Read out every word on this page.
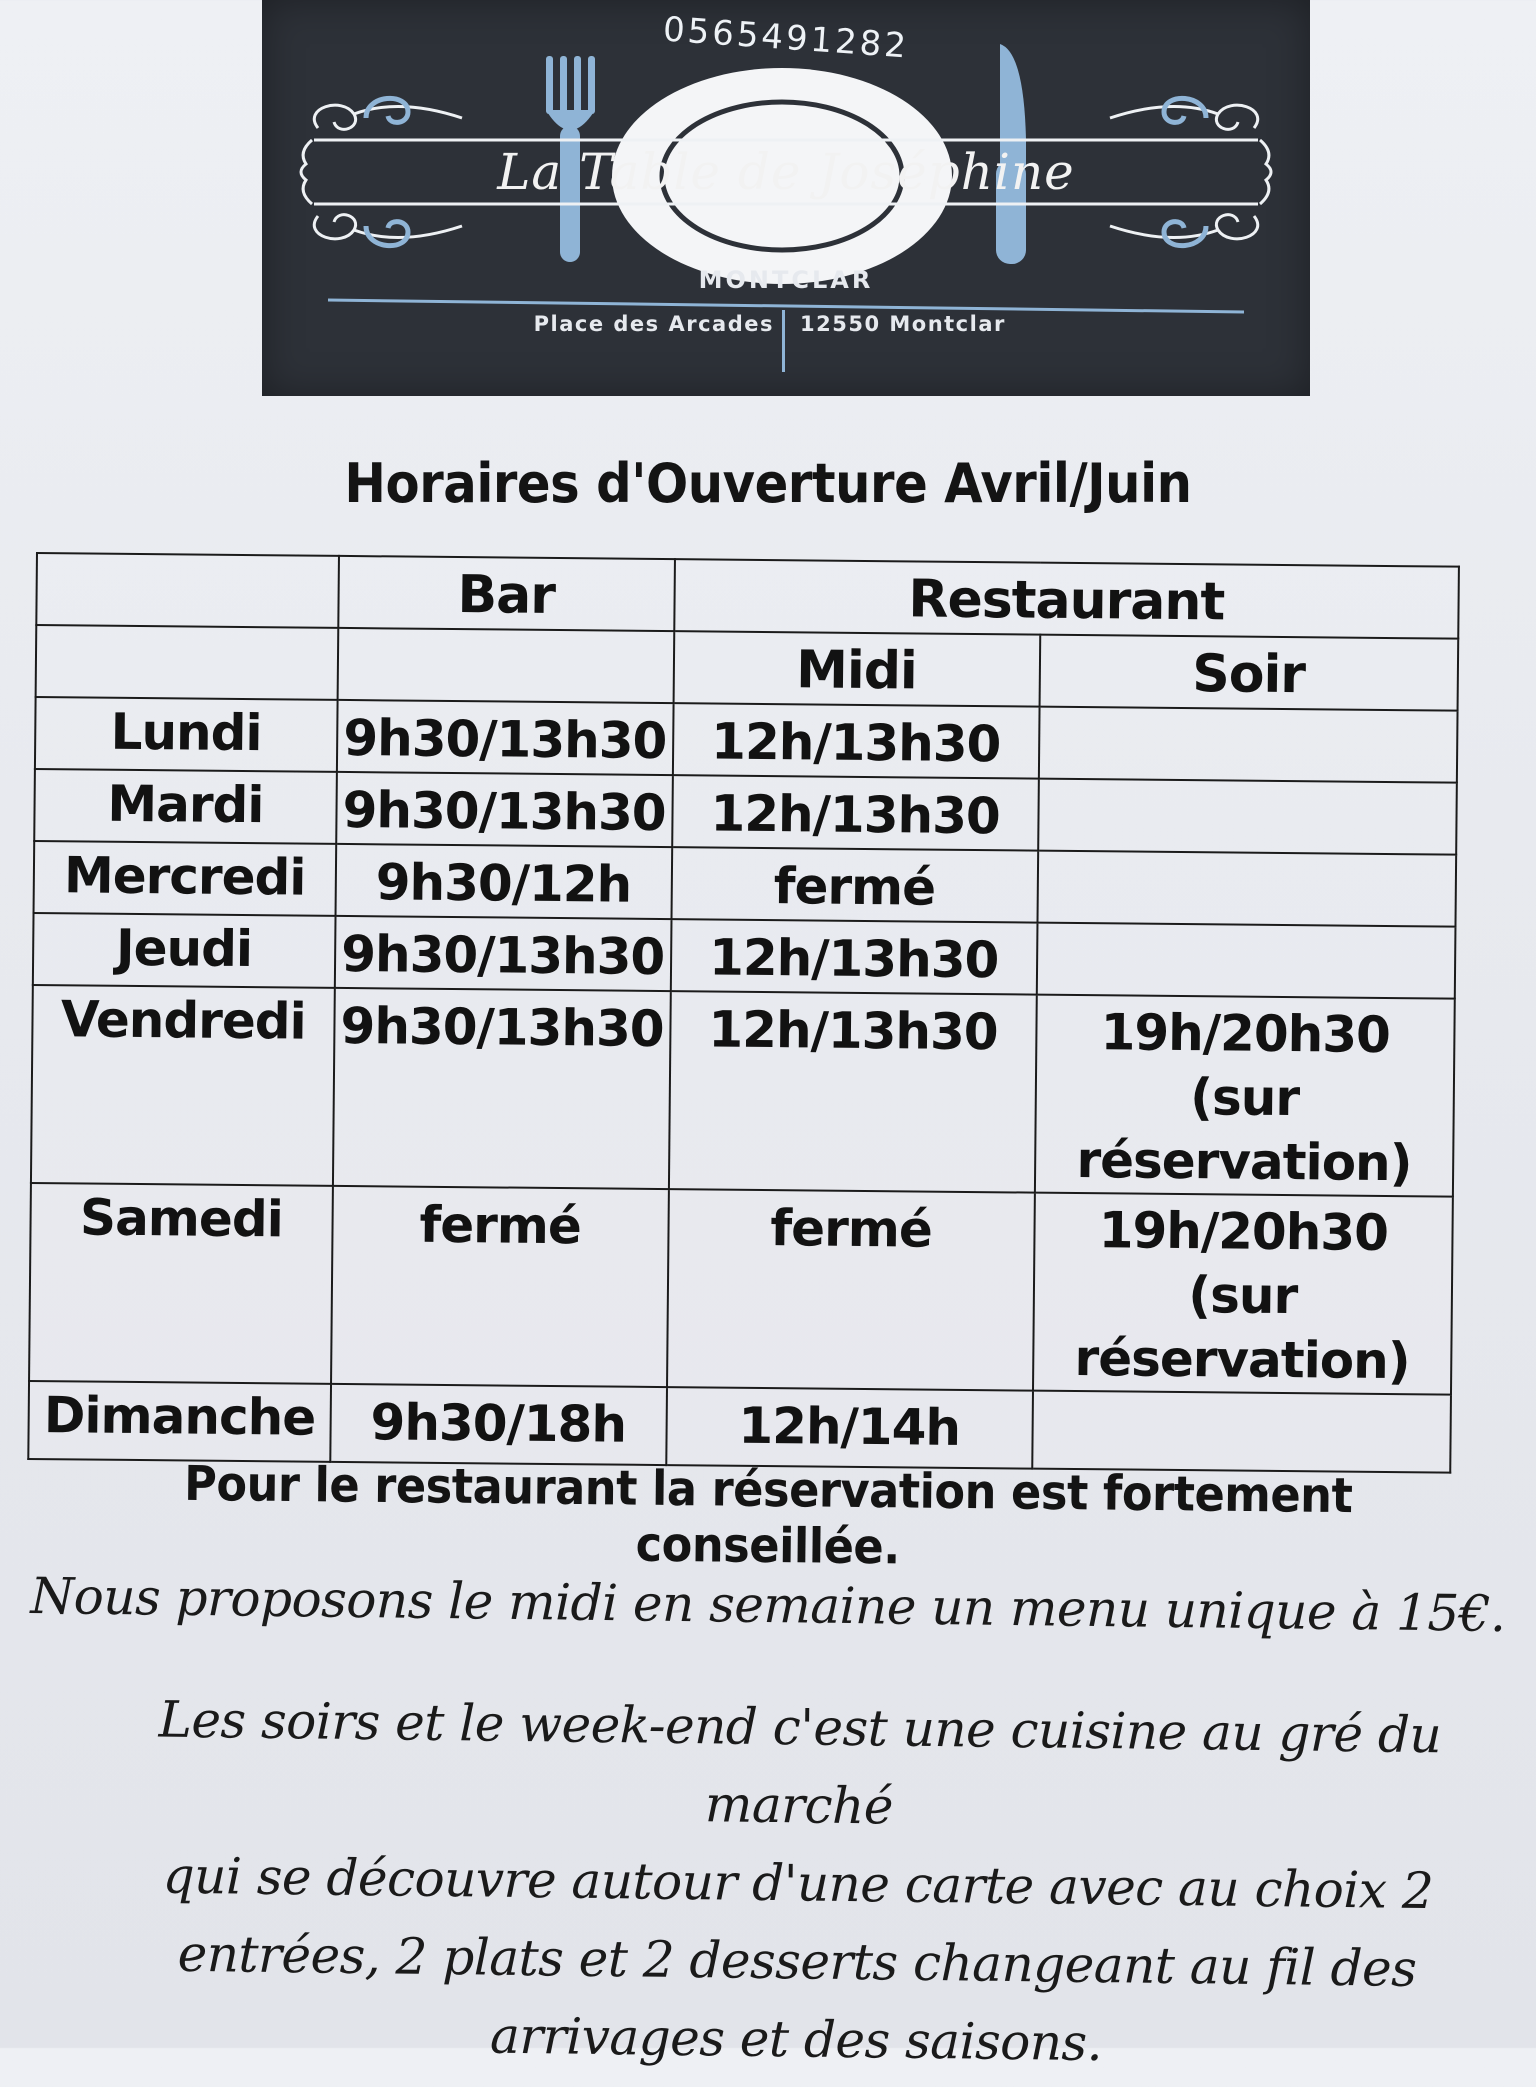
0565491282
La Table de Joséphine
MONTCLAR
Place des Arcades 12550 Montclar
Horaires d'Ouverture Avril/Juin
	Bar	Restaurant	
		Midi	Soir
Lundi	9h30/13h30	12h/13h30	
Mardi	9h30/13h30	12h/13h30	
Mercredi	9h30/12h	fermé	
Jeudi	9h30/13h30	12h/13h30	
Vendredi	9h30/13h30	12h/13h30	19h/20h30
(sur réservation)

Samedi	fermé	fermé	19h/20h30
(sur réservation)

Dimanche	9h30/18h	12h/14h	
Pour le restaurant la réservation est fortement conseillée.
Nous proposons le midi en semaine un menu unique à 15€.
Les soirs et le week-end c'est une cuisine au gré du marché
qui se découvre autour d'une carte avec au choix 2
entrées, 2 plats et 2 desserts changeant au fil des
arrivages et des saisons.
